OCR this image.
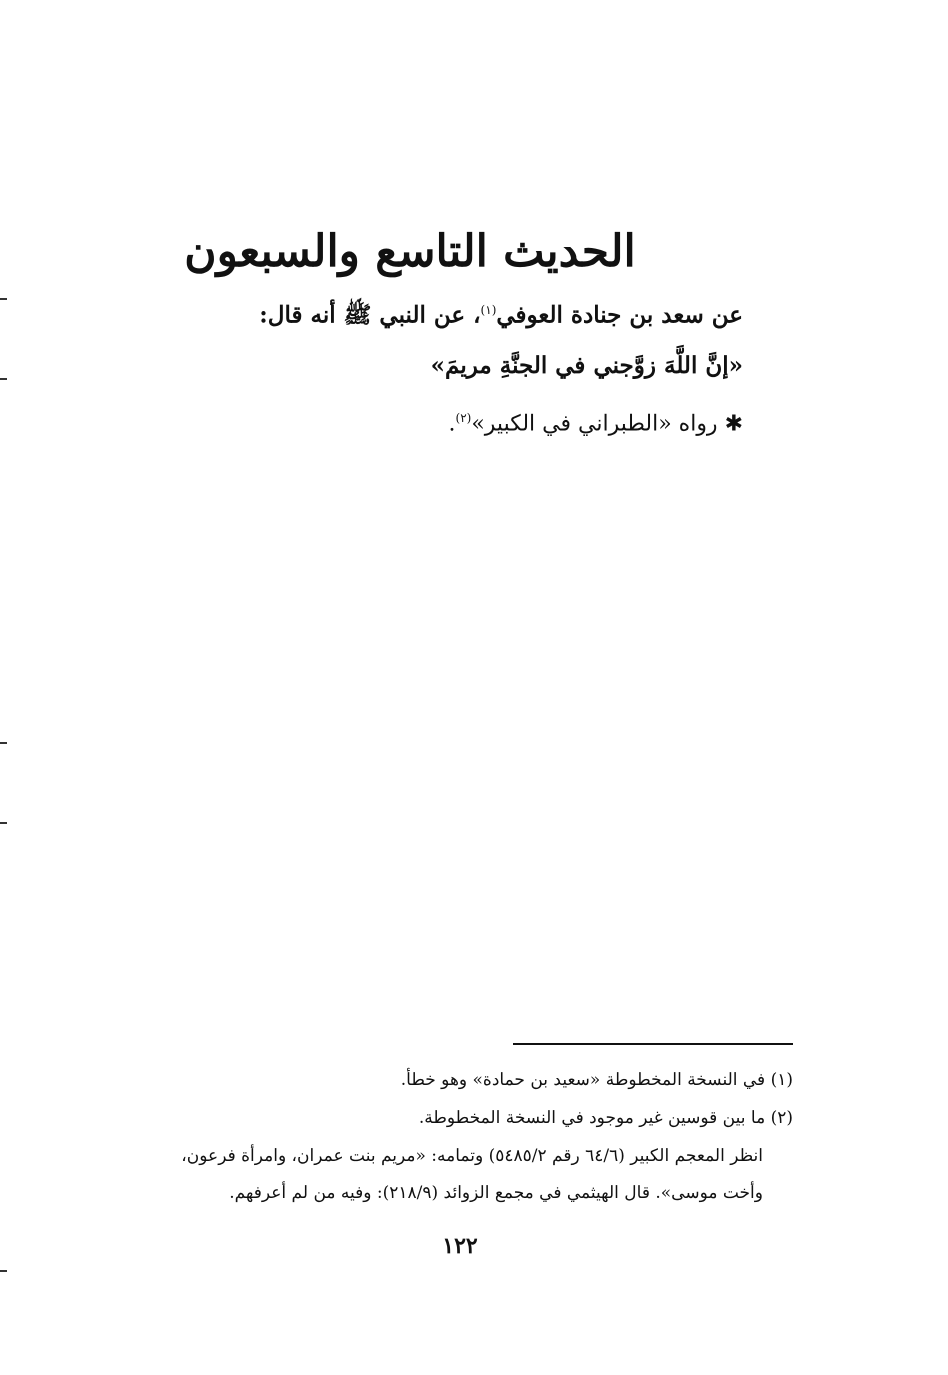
الحديث التاسع والسبعون
عن سعد بن جنادة العوفي$^{(١)}$، عن النبي ﷺ أنه قال:
«إنَّ اللَّهَ زوَّجني في الجنَّةِ مريمَ»
✱ رواه «الطبراني في الكبير»$^{(٢)}$.
(١) في النسخة المخطوطة «سعيد بن حمادة» وهو خطأ.
(٢) ما بين قوسين غير موجود في النسخة المخطوطة.
انظر المعجم الكبير (٦٤/٦ رقم ٥٤٨٥/٢) وتمامه: «مريم بنت عمران، وامرأة فرعون،
وأخت موسى». قال الهيثمي في مجمع الزوائد (٢١٨/٩): وفيه من لم أعرفهم.
١٢٢
